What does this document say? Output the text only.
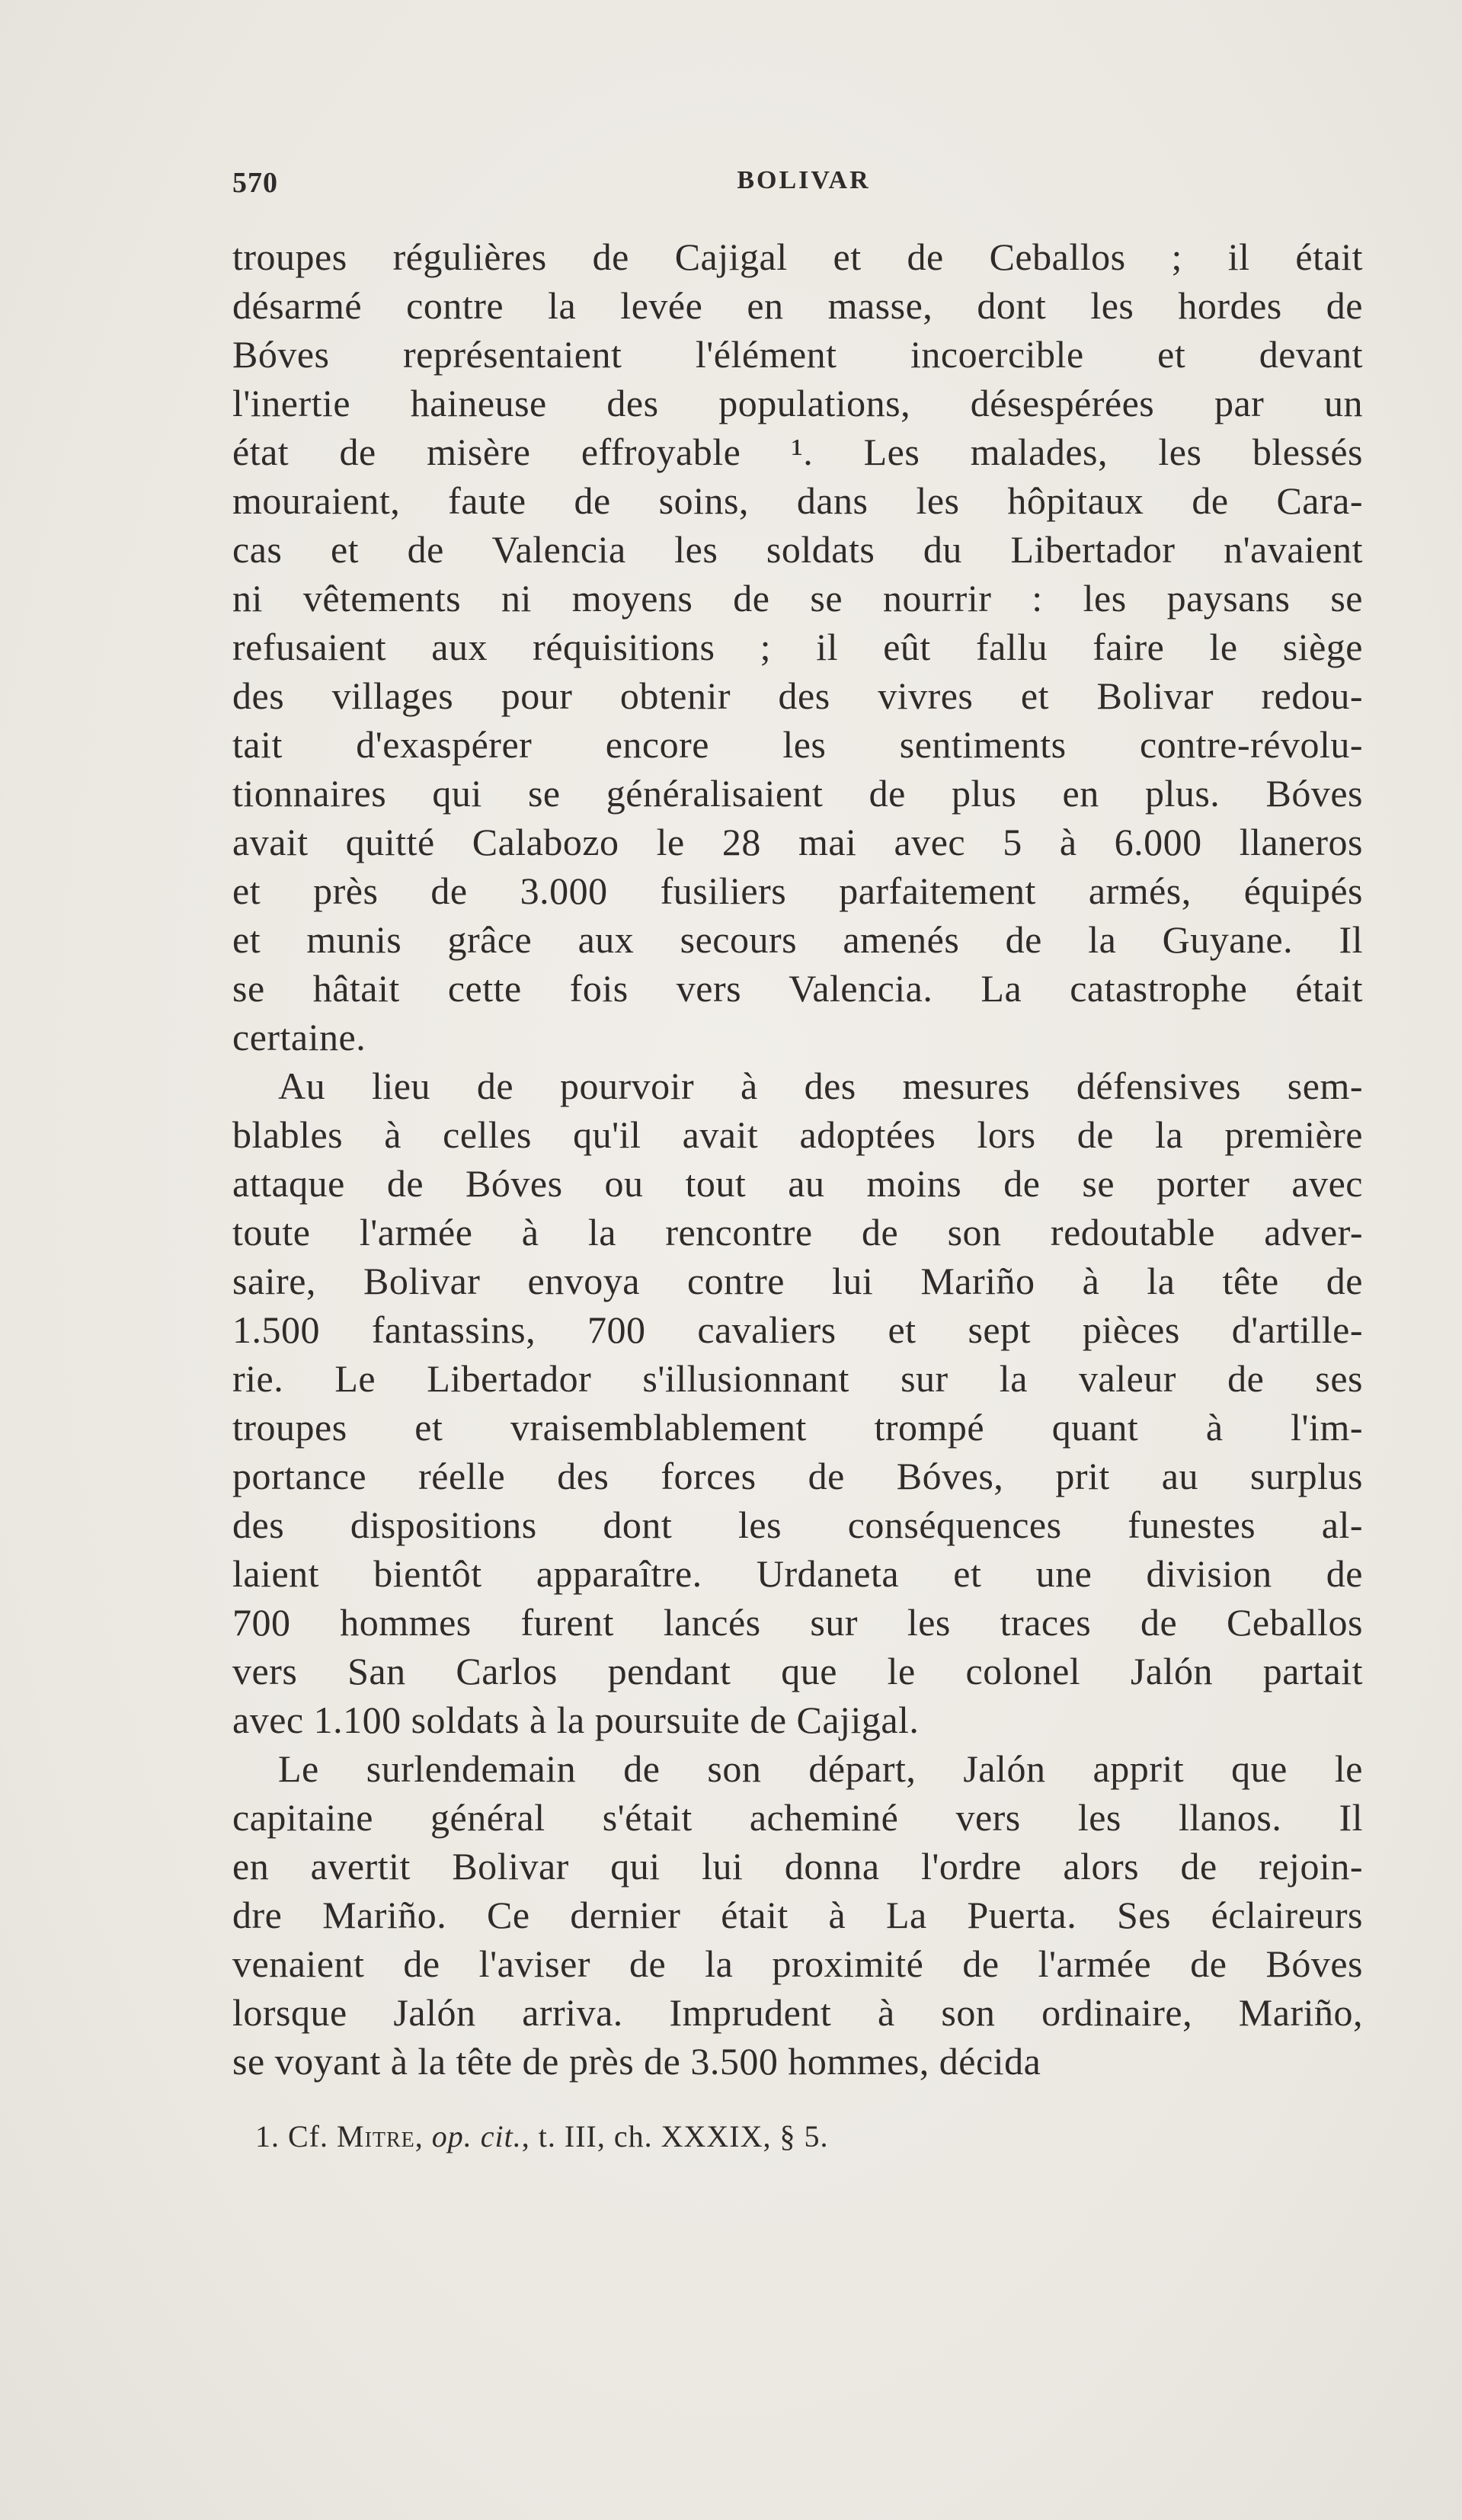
570	BOLIVAR
troupes régulières de Cajigal et de Ceballos ; il était
désarmé contre la levée en masse, dont les hordes de
Bóves représentaient l'élément incoercible et devant
l'inertie haineuse des populations, désespérées par un
état de misère effroyable ¹. Les malades, les blessés
mouraient, faute de soins, dans les hôpitaux de Cara-
cas et de Valencia les soldats du Libertador n'avaient
ni vêtements ni moyens de se nourrir : les paysans se
refusaient aux réquisitions ; il eût fallu faire le siège
des villages pour obtenir des vivres et Bolivar redou-
tait d'exaspérer encore les sentiments contre-révolu-
tionnaires qui se généralisaient de plus en plus. Bóves
avait quitté Calabozo le 28 mai avec 5 à 6.000 llaneros
et près de 3.000 fusiliers parfaitement armés, équipés
et munis grâce aux secours amenés de la Guyane. Il
se hâtait cette fois vers Valencia. La catastrophe était
certaine.
Au lieu de pourvoir à des mesures défensives sem-
blables à celles qu'il avait adoptées lors de la première
attaque de Bóves ou tout au moins de se porter avec
toute l'armée à la rencontre de son redoutable adver-
saire, Bolivar envoya contre lui Mariño à la tête de
1.500 fantassins, 700 cavaliers et sept pièces d'artille-
rie. Le Libertador s'illusionnant sur la valeur de ses
troupes et vraisemblablement trompé quant à l'im-
portance réelle des forces de Bóves, prit au surplus
des dispositions dont les conséquences funestes al-
laient bientôt apparaître. Urdaneta et une division de
700 hommes furent lancés sur les traces de Ceballos
vers San Carlos pendant que le colonel Jalón partait
avec 1.100 soldats à la poursuite de Cajigal.
Le surlendemain de son départ, Jalón apprit que le
capitaine général s'était acheminé vers les llanos. Il
en avertit Bolivar qui lui donna l'ordre alors de rejoin-
dre Mariño. Ce dernier était à La Puerta. Ses éclaireurs
venaient de l'aviser de la proximité de l'armée de Bóves
lorsque Jalón arriva. Imprudent à son ordinaire, Mariño,
se voyant à la tête de près de 3.500 hommes, décida
1. Cf. Mitre, op. cit., t. III, ch. XXXIX, § 5.
